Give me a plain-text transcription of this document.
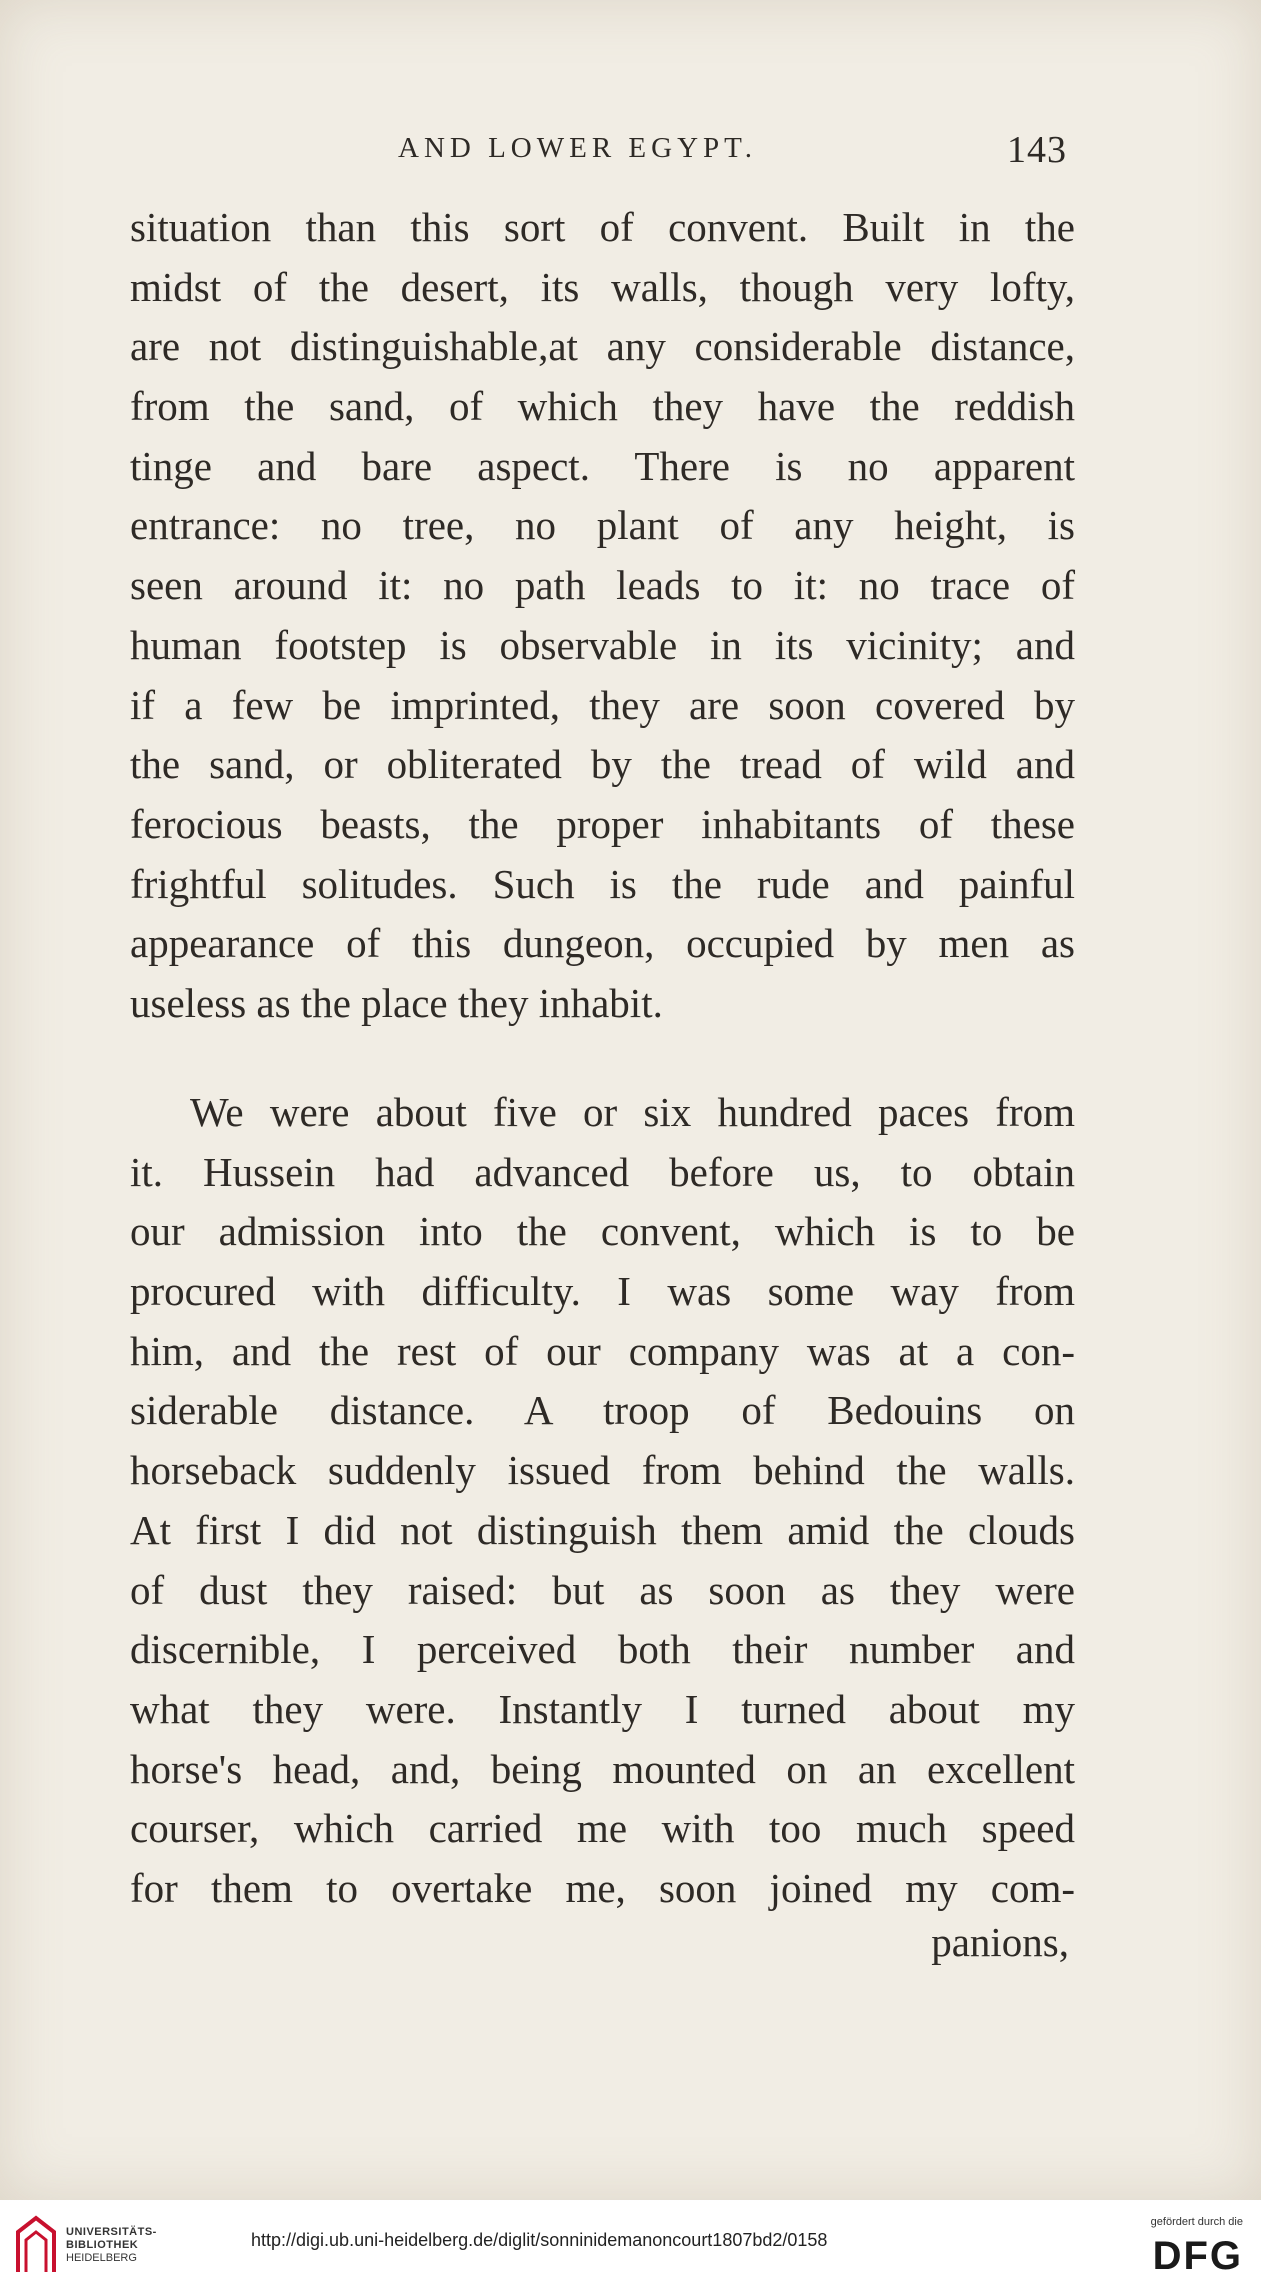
AND LOWER EGYPT.	143
situation than this sort of convent. Built in the
midst of the desert, its walls, though very lofty,
are not distinguishable,at any considerable distance,
from the sand, of which they have the reddish
tinge and bare aspect. There is no apparent
entrance: no tree, no plant of any height, is
seen around it: no path leads to it: no trace of
human footstep is observable in its vicinity; and
if a few be imprinted, they are soon covered by
the sand, or obliterated by the tread of wild and
ferocious beasts, the proper inhabitants of these
frightful solitudes. Such is the rude and painful
appearance of this dungeon, occupied by men as
useless as the place they inhabit.
We were about five or six hundred paces from
it. Hussein had advanced before us, to obtain
our admission into the convent, which is to be
procured with difficulty. I was some way from
him, and the rest of our company was at a con-
siderable distance. A troop of Bedouins on
horseback suddenly issued from behind the walls.
At first I did not distinguish them amid the clouds
of dust they raised: but as soon as they were
discernible, I perceived both their number and
what they were. Instantly I turned about my
horse's head, and, being mounted on an excellent
courser, which carried me with too much speed
for them to overtake me, soon joined my com-
panions,
UNIVERSITÄTS-
BIBLIOTHEK
HEIDELBERG
http://digi.ub.uni-heidelberg.de/diglit/sonninidemanoncourt1807bd2/0158
gefördert durch die
DFG
